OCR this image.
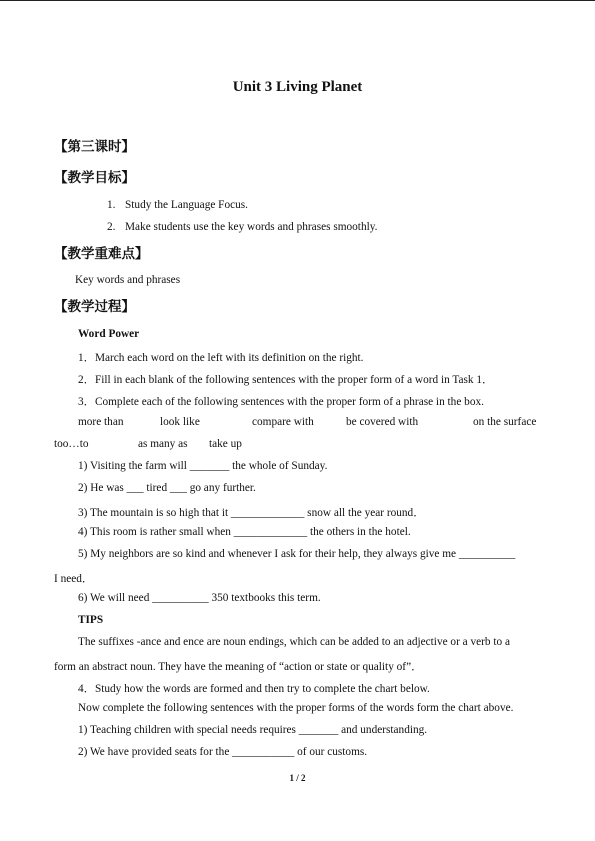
Unit 3 Living Planet
【第三课时】
【教学目标】
1. Study the Language Focus.
2. Make students use the key words and phrases smoothly.
【教学重难点】
Key words and phrases
【教学过程】
Word Power
1．March each word on the left with its definition on the right.
2．Fill in each blank of the following sentences with the proper form of a word in Task 1．
3．Complete each of the following sentences with the proper form of a phrase in the box.
more than	look like	compare with	be covered with	on the surface
too…to	as many as take up
1) Visiting the farm will _______ the whole of Sunday.
2) He was ___ tired ___ go any further.
3) The mountain is so high that it _____________ snow all the year round．
4) This room is rather small when _____________ the others in the hotel.
5) My neighbors are so kind and whenever I ask for their help, they always give me __________
I need．
6) We will need __________ 350 textbooks this term.
TIPS
The suffixes -ance and ence are noun endings, which can be added to an adjective or a verb to a
form an abstract noun. They have the meaning of “action or state or quality of”．
4．Study how the words are formed and then try to complete the chart below.
Now complete the following sentences with the proper forms of the words form the chart above.
1) Teaching children with special needs requires _______ and understanding.
2) We have provided seats for the ___________ of our customs.
1 / 2
